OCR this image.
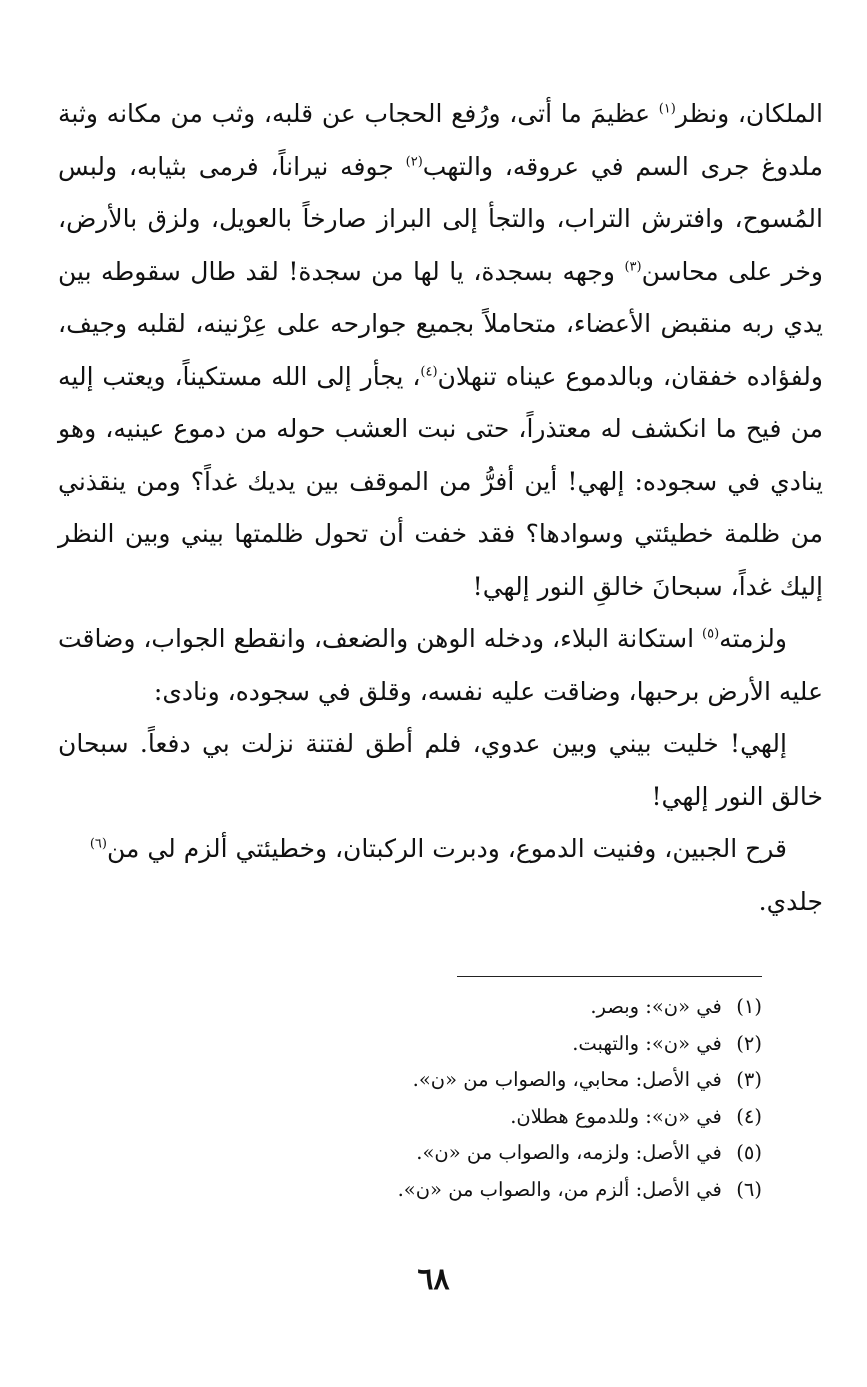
الملكان، ونظر$^{(١)}$ عظيمَ ما أتى، ورُفع الحجاب عن قلبه، وثب من مكانه وثبة ملدوغ جرى السم في عروقه، والتهب$^{(٢)}$ جوفه نيراناً، فرمى بثيابه، ولبس المُسوح، وافترش التراب، والتجأ إلى البراز صارخاً بالعويل، ولزق بالأرض، وخر على محاسن$^{(٣)}$ وجهه بسجدة، يا لها من سجدة! لقد طال سقوطه بين يدي ربه منقبض الأعضاء، متحاملاً بجميع جوارحه على عِرْنينه، لقلبه وجيف، ولفؤاده خفقان، وبالدموع عيناه تنهلان$^{(٤)}$، يجأر إلى الله مستكيناً، ويعتب إليه من فيح ما انكشف له معتذراً، حتى نبت العشب حوله من دموع عينيه، وهو ينادي في سجوده: إلهي! أين أفرُّ من الموقف بين يديك غداً؟ ومن ينقذني من ظلمة خطيئتي وسوادها؟ فقد خفت أن تحول ظلمتها بيني وبين النظر إليك غداً، سبحانَ خالقِ النور إلهي!

ولزمته$^{(٥)}$ استكانة البلاء، ودخله الوهن والضعف، وانقطع الجواب، وضاقت عليه الأرض برحبها، وضاقت عليه نفسه، وقلق في سجوده، ونادى:

إلهي! خليت بيني وبين عدوي، فلم أطق لفتنة نزلت بي دفعاً. سبحان خالق النور إلهي!

قرح الجبين، وفنيت الدموع، ودبرت الركبتان، وخطيئتي ألزم لي من$^{(٦)}$ جلدي.

(١) في «ن»: وبصر.
(٢) في «ن»: والتهبت.
(٣) في الأصل: محابي، والصواب من «ن».
(٤) في «ن»: وللدموع هطلان.
(٥) في الأصل: ولزمه، والصواب من «ن».
(٦) في الأصل: ألزم من، والصواب من «ن».
٦٨
